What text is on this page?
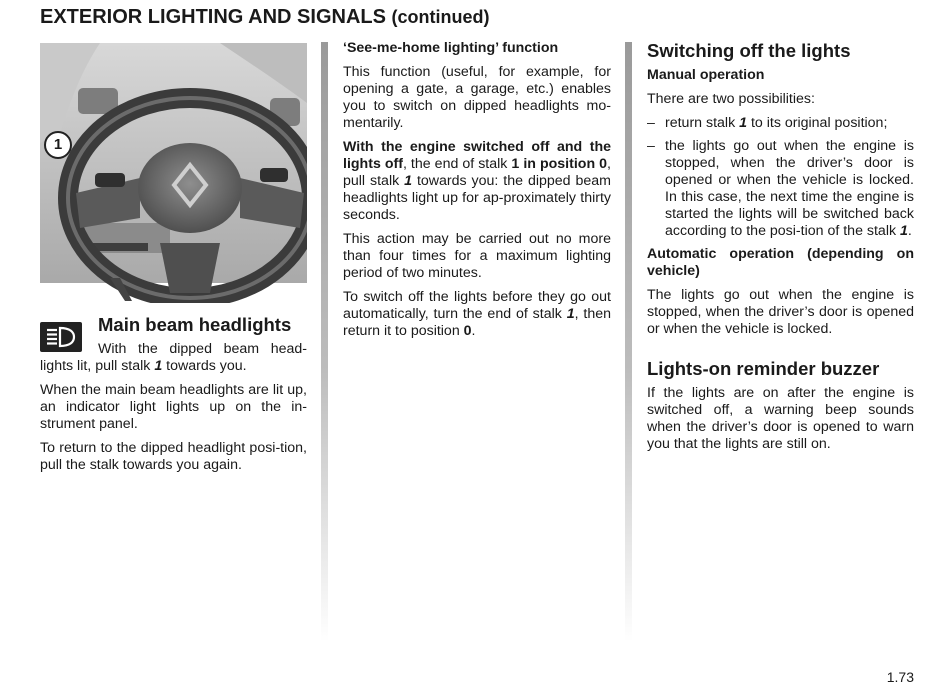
EXTERIOR LIGHTING AND SIGNALS (continued)
1
Main beam headlights

With the dipped beam head-lights lit, pull stalk 1 towards you.

When the main beam headlights are lit up, an indicator light lights up on the in-strument panel.

To return to the dipped headlight posi-tion, pull the stalk towards you again.

‘See-me-home lighting’ function

This function (useful, for example, for opening a gate, a garage, etc.) enables you to switch on dipped headlights mo-mentarily.

With the engine switched off and the lights off, the end of stalk 1 in position 0, pull stalk 1 towards you: the dipped beam headlights light up for ap-proximately thirty seconds.

This action may be carried out no more than four times for a maximum lighting period of two minutes.

To switch off the lights before they go out automatically, turn the end of stalk 1, then return it to position 0.

Switching off the lights

Manual operation

There are two possibilities:

– return stalk 1 to its original position;
– the lights go out when the engine is stopped, when the driver’s door is opened or when the vehicle is locked. In this case, the next time the engine is started the lights will be switched back according to the posi-tion of the stalk 1.

Automatic operation (depending on vehicle)

The lights go out when the engine is stopped, when the driver’s door is opened or when the vehicle is locked.

Lights-on reminder buzzer

If the lights are on after the engine is switched off, a warning beep sounds when the driver’s door is opened to warn you that the lights are still on.

1.73
